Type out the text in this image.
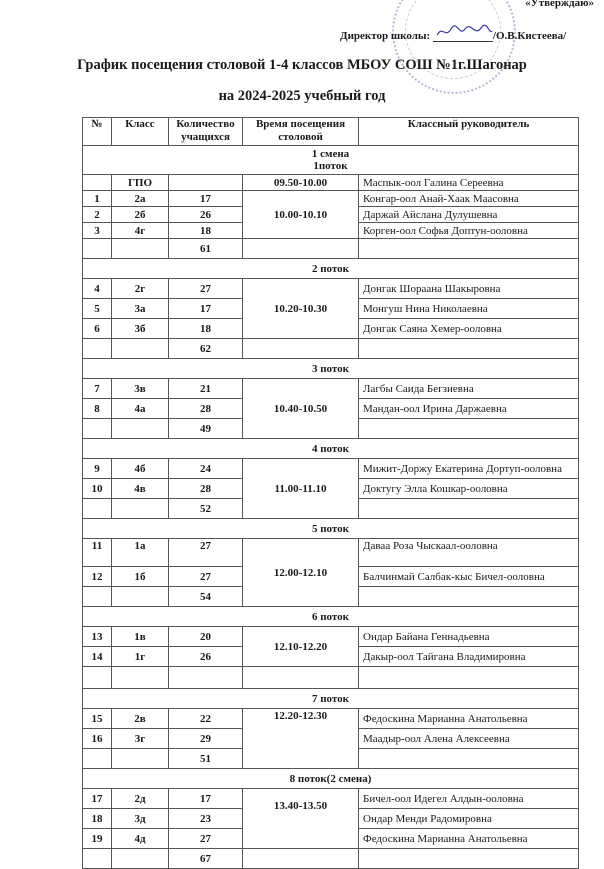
«Утверждаю»
Директор школы:	/О.В.Кистеева/
График посещения столовой 1-4 классов МБОУ СОШ №1г.Шагонар
на 2024-2025 учебный год
№	Класс	Количество учащихся	Время посещения столовой	Классный руководитель

1 смена
1поток				

	ГПО		09.50-10.00	Маспык-оол Галина Сереевна
1	2а	17	10.00-10.10	Конгар-оол Анай-Хаак Маасовна
2	2б	26		Даржай Айслана Дулушевна
3	4г	18		Корген-оол Софья Доптун-ооловна
		61		
2 поток				
4	2г	27	10.20-10.30	Донгак Шораана Шакыровна
5	3а	17		Монгуш Нина Николаевна
6	3б	18		Донгак Саяна Хемер-ооловна
		62		
3 поток				
7	3в	21	10.40-10.50	Лагбы Саида Бегзиевна
8	4а	28		Мандан-оол Ирина Даржаевна
		49		
4 поток				
9	4б	24	11.00-11.10	Мижит-Доржу Екатерина Дортуп-ооловна
10	4в	28		Доктугу Элла Кошкар-ооловна
		52		
5 поток				
11	1а	27	12.00-12.10	Даваа Роза Чыскаал-ооловна
12	1б	27		Балчинмай Салбак-кыс Бичел-ооловна
		54		
6 поток				
13	1в	20	12.10-12.20	Ондар Байана Геннадьевна
14	1г	26		Дакыр-оол Тайгана Владимировна

7 поток				
15	2в	22	12.20-12.30	Федоскина Марианна Анатольевна
16	3г	29		Маадыр-оол Алена Алексеевна
		51		
8 поток(2 смена)				
17	2д	17	13.40-13.50	Бичел-оол Идегел Алдын-ооловна
18	3д	23		Ондар Менди Радомировна
19	4д	27		Федоскина Марианна Анатольевна
		67		
